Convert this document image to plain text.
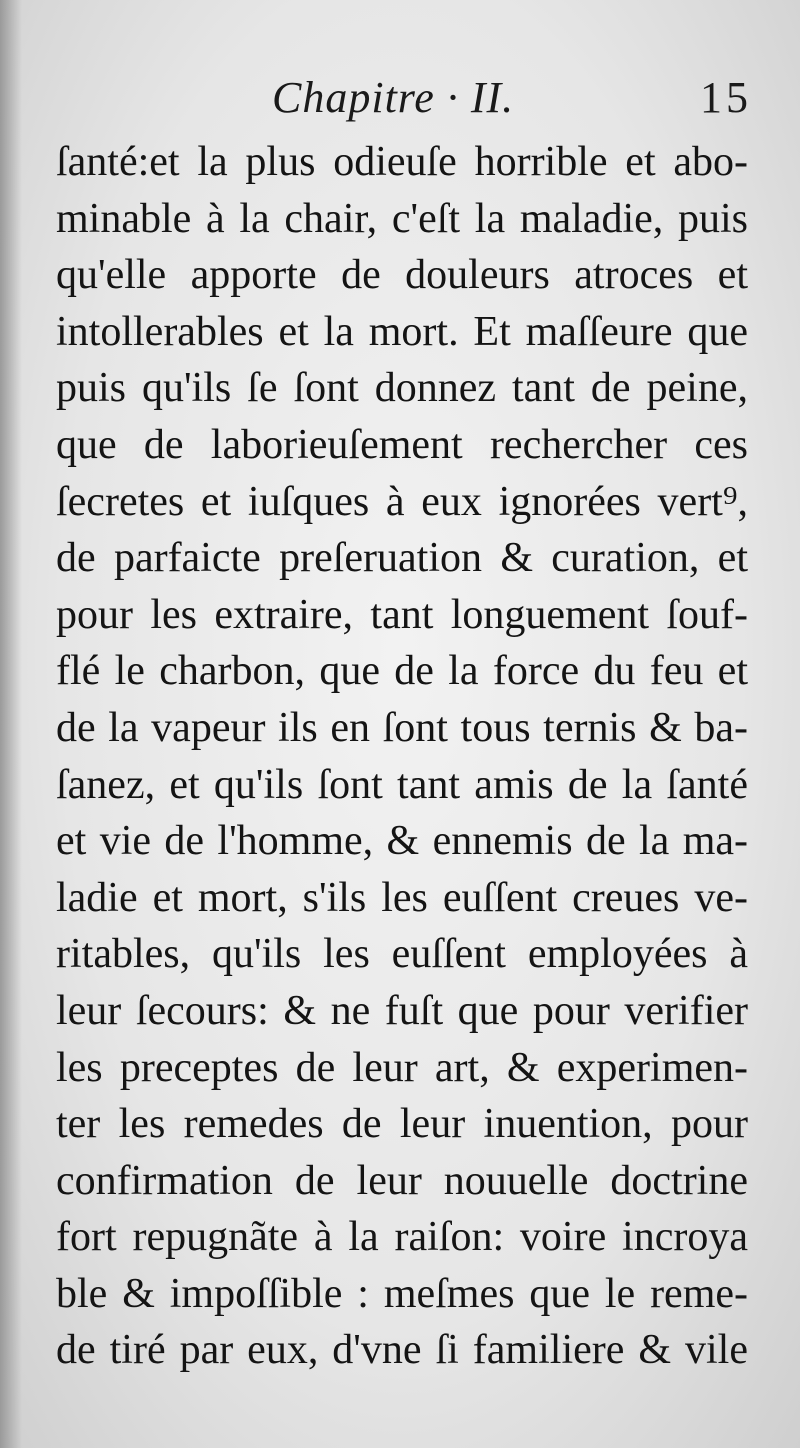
Chapitre · II.	15
ſanté:et la plus odieuſe horrible et abo-
minable à la chair, c'eſt la maladie, puis
qu'elle apporte de douleurs atroces et
intollerables et la mort. Et maſſeure que
puis qu'ils ſe ſont donnez tant de peine,
que de laborieuſement rechercher ces
ſecretes et iuſques à eux ignorées vert⁹,
de parfaicte preſeruation & curation, et
pour les extraire, tant longuement ſouf-
flé le charbon, que de la force du feu et
de la vapeur ils en ſont tous ternis & ba-
ſanez, et qu'ils ſont tant amis de la ſanté
et vie de l'homme, & ennemis de la ma-
ladie et mort, s'ils les euſſent creues ve-
ritables, qu'ils les euſſent employées à
leur ſecours: & ne fuſt que pour verifier
les preceptes de leur art, & experimen-
ter les remedes de leur inuention, pour
confirmation de leur nouuelle doctrine
fort repugnãte à la raiſon: voire incroya
ble & impoſſible : meſmes que le reme-
de tiré par eux, d'vne ſi familiere & vile
